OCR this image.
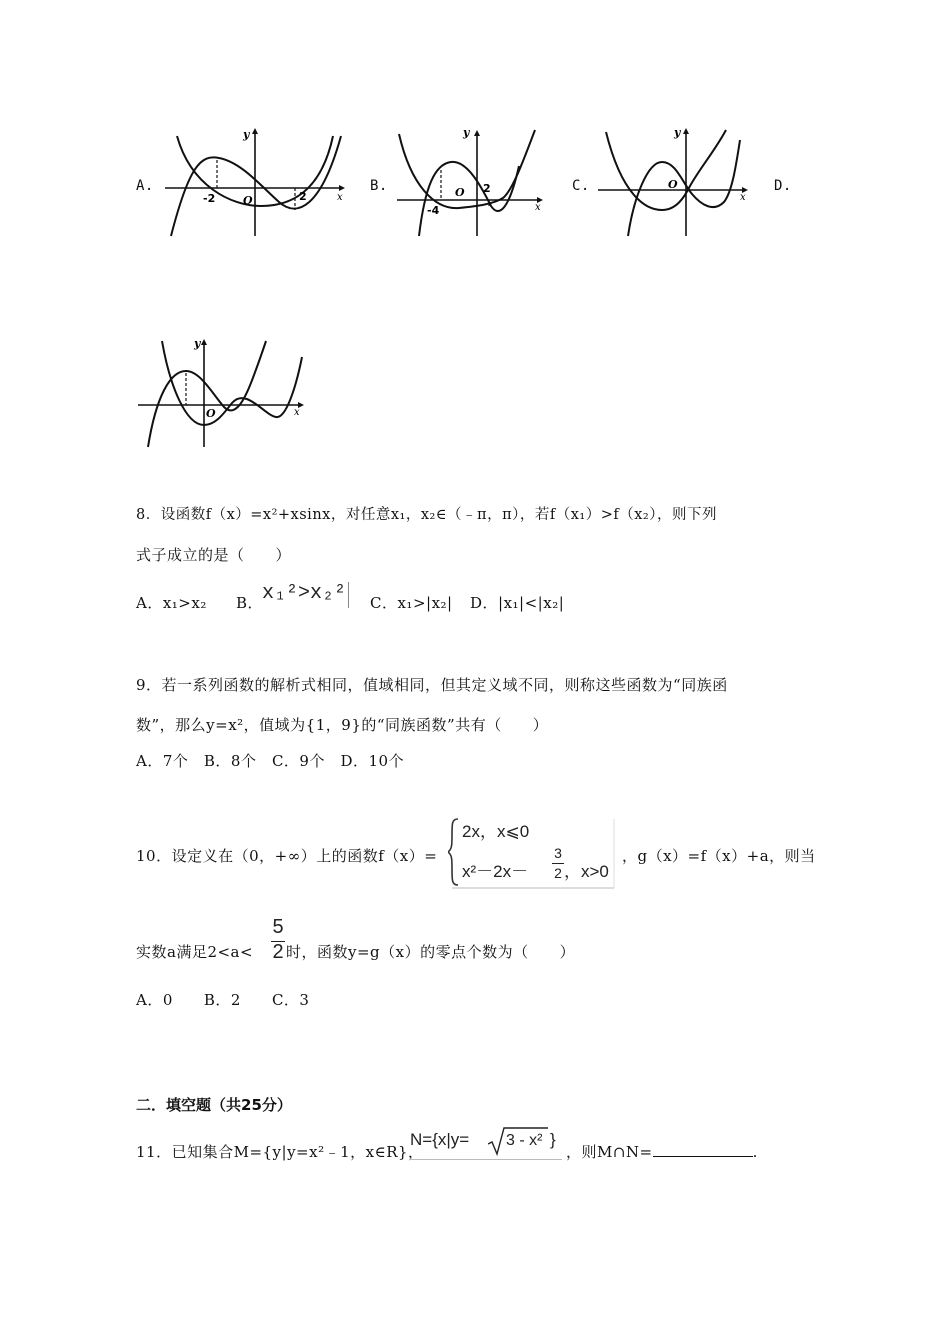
A.
-2	O	2
y
x
B.
-4
O 2
y
x
C.	O
y
x
D.
O
y
x
8．设函数f（x）=x²+xsinx，对任意x₁，x₂∈（﹣π，π），若f（x₁）>f（x₂），则下列
式子成立的是（　　）
A．x₁>x₂ B．
x₁²>x₂² C．x₁>|x₂| D．|x₁|<|x₂|
9．若一系列函数的解析式相同，值域相同，但其定义域不同，则称这些函数为“同族函
数”，那么y=x²，值域为{1，9}的“同族函数”共有（　　）
A．7个　B．8个　C．9个　D．10个
10．设定义在（0，+∞）上的函数f（x）=
2x，x⩽0
x²－2x－
3
2 ，x>0
，g（x）=f（x）+a，则当
实数a满足2<a<
5
2 时，函数y=g（x）的零点个数为（　　）
A．0　　B．2　　C．3
二．填空题（共25分）
11．已知集合M={y|y=x²﹣1，x∈R}，
N={x|y= 3 - x² }
，则M∩N=	.
